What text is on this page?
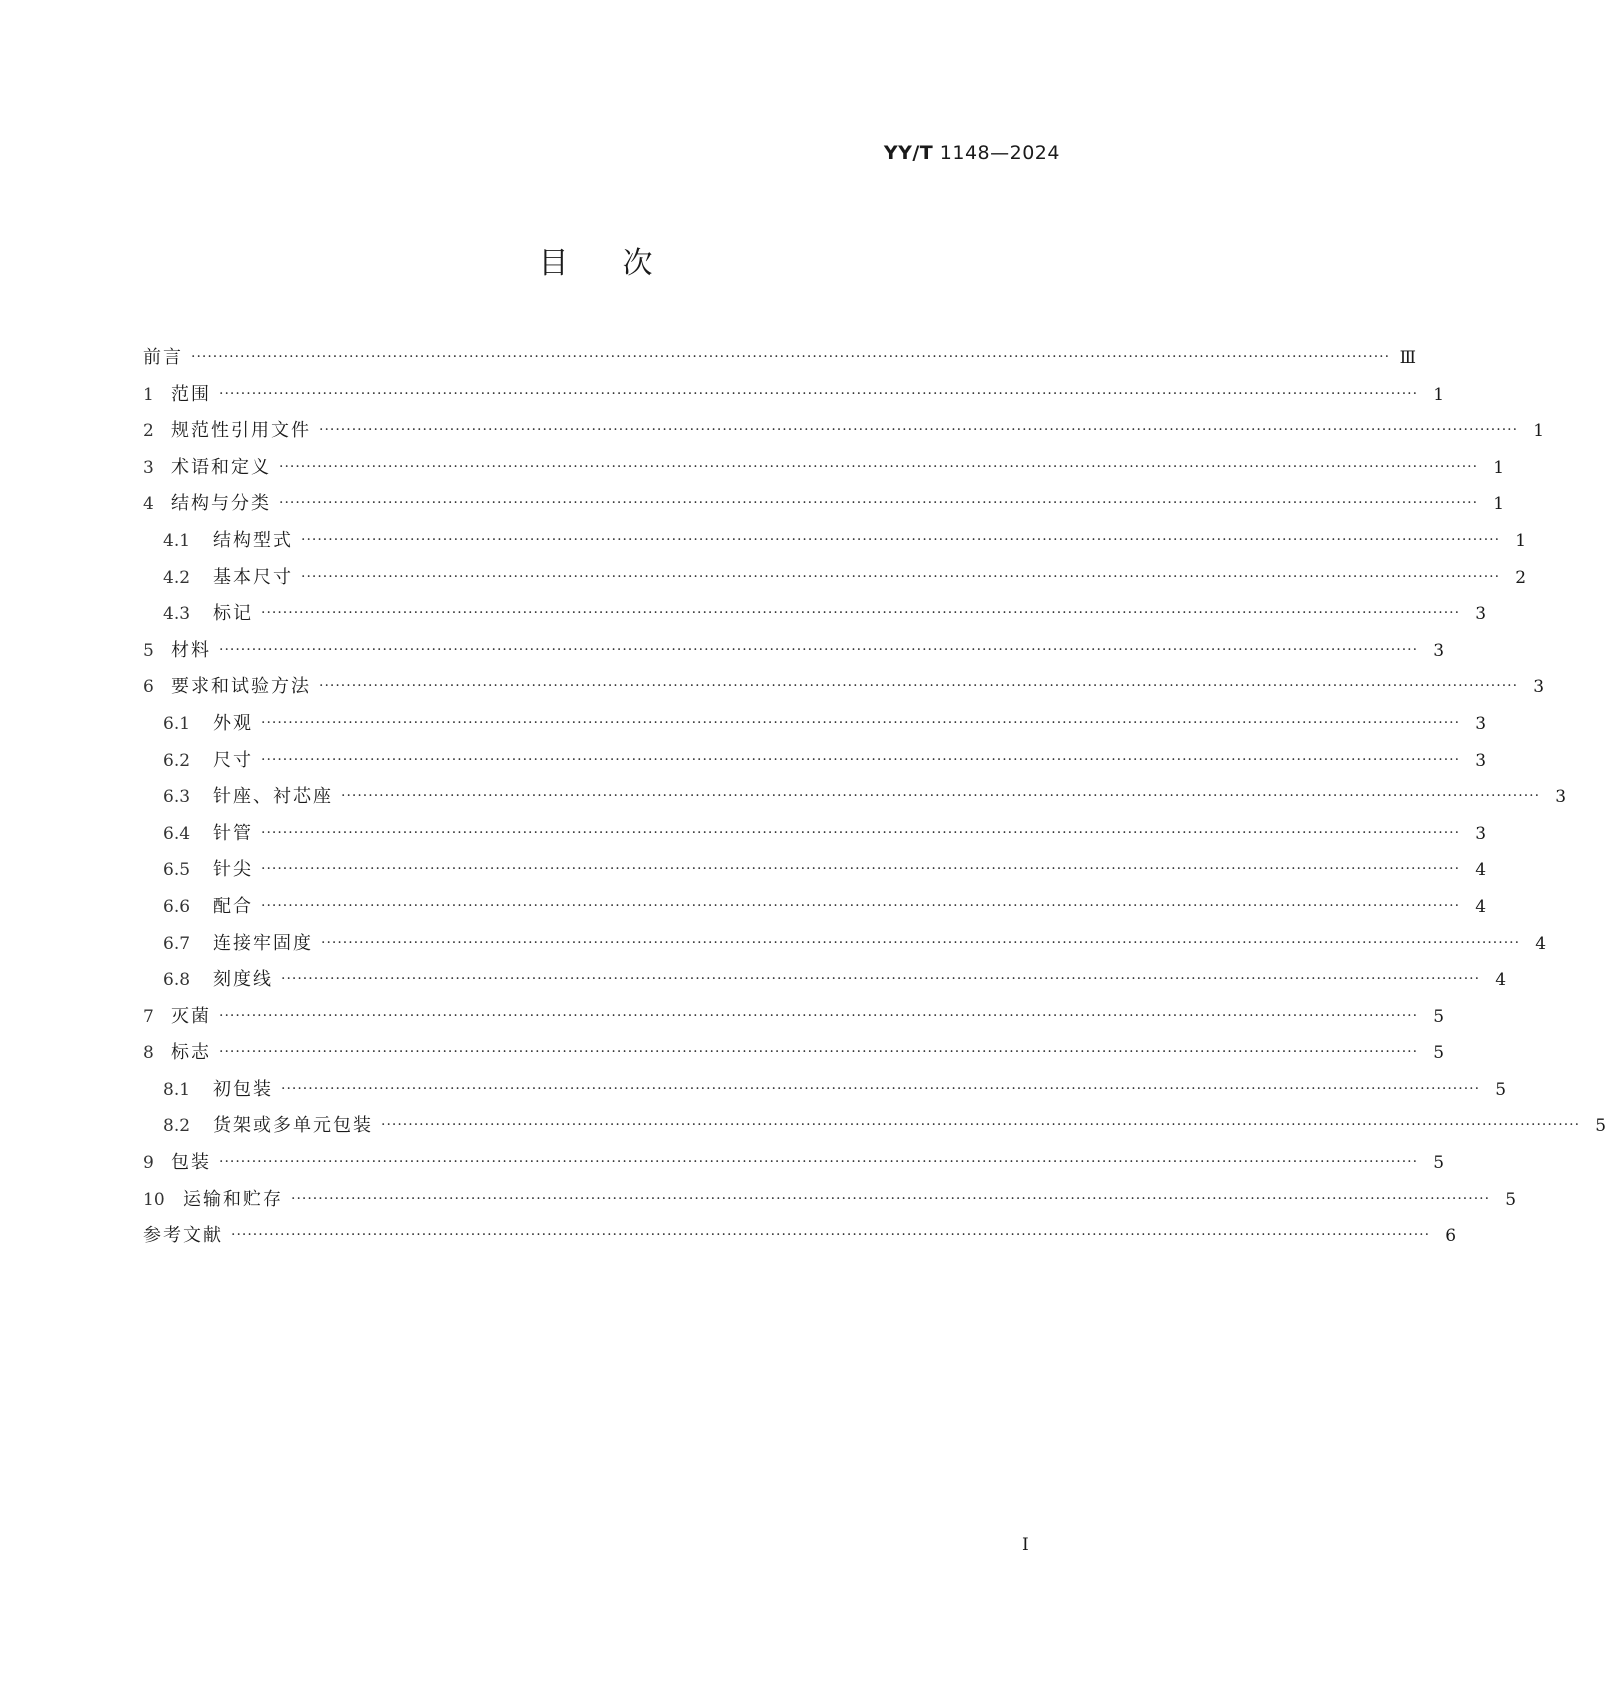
YY/T 1148—2024
目次
前言 ···························································································································································································································· Ⅲ
1 范围 ···························································································································································································································· 1
2 规范性引用文件 ···························································································································································································································· 1
3 术语和定义 ···························································································································································································································· 1
4 结构与分类 ···························································································································································································································· 1
4.1	结构型式 ···························································································································································································································· 1
4.2	基本尺寸 ···························································································································································································································· 2
4.3	标记 ···························································································································································································································· 3
5 材料 ···························································································································································································································· 3
6 要求和试验方法 ···························································································································································································································· 3
6.1	外观 ···························································································································································································································· 3
6.2	尺寸 ···························································································································································································································· 3
6.3	针座、衬芯座 ···························································································································································································································· 3
6.4	针管 ···························································································································································································································· 3
6.5	针尖 ···························································································································································································································· 4
6.6	配合 ···························································································································································································································· 4
6.7	连接牢固度 ···························································································································································································································· 4
6.8	刻度线 ···························································································································································································································· 4
7 灭菌 ···························································································································································································································· 5
8 标志 ···························································································································································································································· 5
8.1	初包装 ···························································································································································································································· 5
8.2	货架或多单元包装 ···························································································································································································································· 5
9 包装 ···························································································································································································································· 5
10	运输和贮存 ···························································································································································································································· 5
参考文献 ···························································································································································································································· 6
I
